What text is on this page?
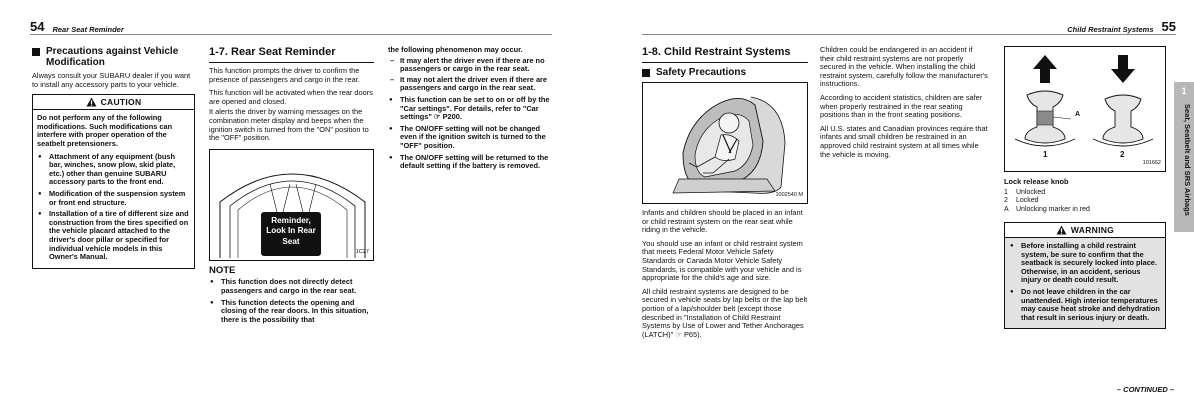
54 Rear Seat Reminder
Precautions against Vehicle Modification

Always consult your SUBARU dealer if you want to install any accessory parts to your vehicle.

CAUTION

Do not perform any of the following modifications. Such modifications can interfere with proper operation of the seatbelt pretensioners.

● Attachment of any equipment (bush bar, winches, snow plow, skid plate, etc.) other than genuine SUBARU accessory parts to the front end.
● Modification of the suspension system or front end structure.
● Installation of a tire of different size and construction from the tires specified on the vehicle placard attached to the driver's door pillar or specified for individual vehicle models in this Owner's Manual.
1-7. Rear Seat Reminder

This function prompts the driver to confirm the presence of passengers and cargo in the rear.

This function will be activated when the rear doors are opened and closed.

It alerts the driver by warning messages on the combination meter display and beeps when the ignition switch is turned from the "ON" position to the "OFF" position.

Reminder, Look In Rear Seat
1C27
NOTE
● This function does not directly detect passengers and cargo in the rear seat.
● This function detects the opening and closing of the rear doors. In this situation, there is the possibility that

the following phenomenon may occur.

– It may alert the driver even if there are no passengers or cargo in the rear seat.
– It may not alert the driver even if there are passengers and cargo in the rear seat.
● This function can be set to on or off by the "Car settings". For details, refer to "Car settings" ☞ P200.
● The ON/OFF setting will not be changed even if the ignition switch is turned to the "OFF" position.
● The ON/OFF setting will be returned to the default setting if the battery is removed.
Child Restraint Systems 55
1-8. Child Restraint Systems
Safety Precautions
1002540 M

Infants and children should be placed in an infant or child restraint system on the rear seat while riding in the vehicle.

You should use an infant or child restraint system that meets Federal Motor Vehicle Safety Standards or Canada Motor Vehicle Safety Standards, is compatible with your vehicle and is appropriate for the child's age and size.

All child restraint systems are designed to be secured in vehicle seats by lap belts or the lap belt portion of a lap/shoulder belt (except those described in "Installation of Child Restraint Systems by Use of Lower and Tether Anchorages (LATCH)" ☞ P65).

Children could be endangered in an accident if their child restraint systems are not properly secured in the vehicle. When installing the child restraint system, carefully follow the manufacturer's instructions.

According to accident statistics, children are safer when properly restrained in the rear seating positions than in the front seating positions.

All U.S. states and Canadian provinces require that infants and small children be restrained in an approved child restraint system at all times while the vehicle is moving.

A
1	2
101662
Lock release knob
1	Unlocked
2	Locked
A	Unlocking marker in red
WARNING
● Before installing a child restraint system, be sure to confirm that the seatback is securely locked into place. Otherwise, in an accident, serious injury or death could result.
● Do not leave children in the car unattended. High interior temperatures may cause heat stroke and dehydration that result in serious injury or death.
1
Seat, Seatbelt and SRS Airbags
– CONTINUED –
